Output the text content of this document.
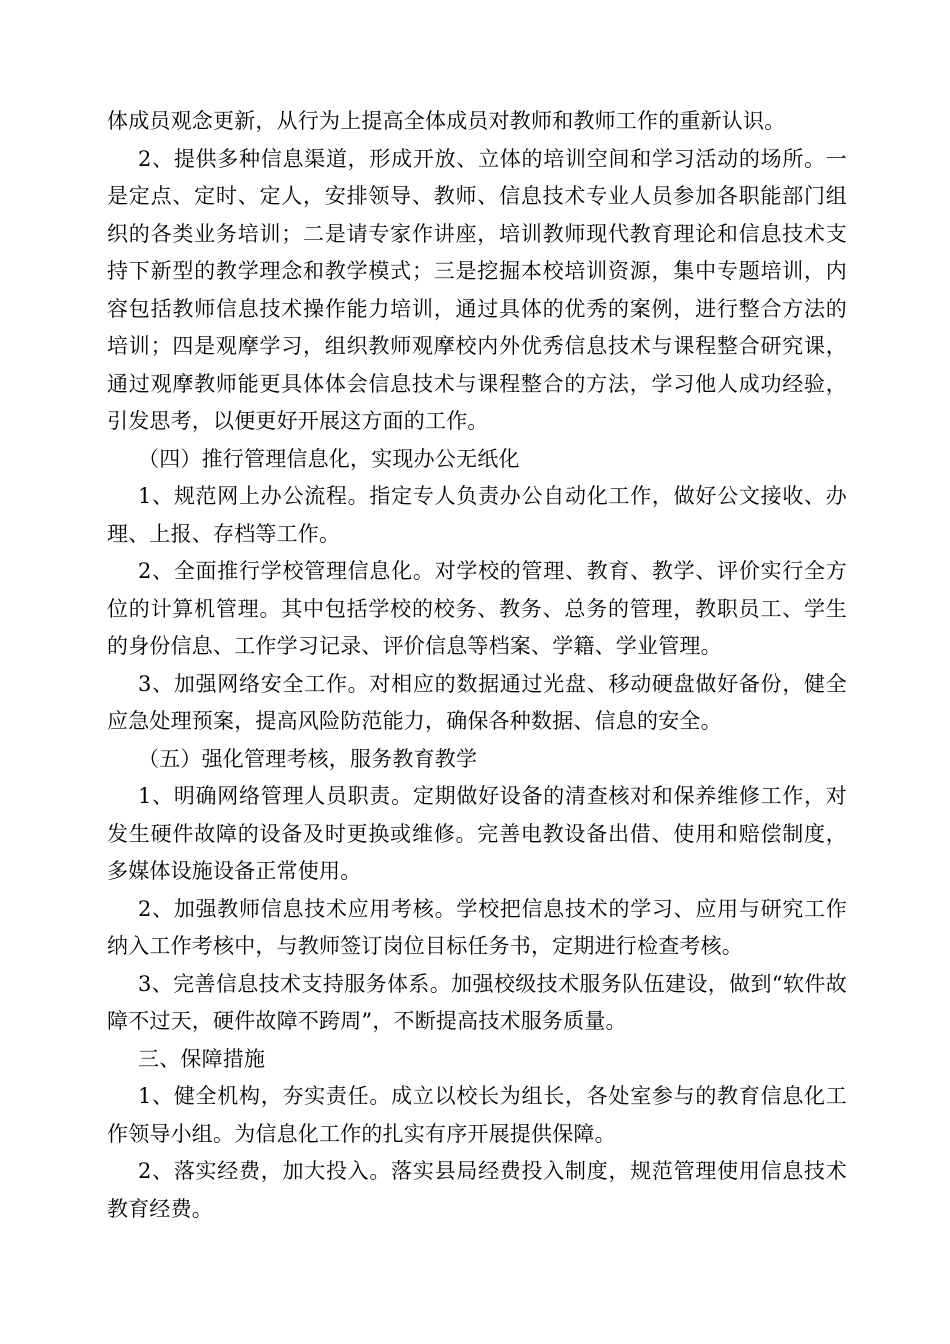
体成员观念更新，从行为上提高全体成员对教师和教师工作的重新认识。

2、提供多种信息渠道，形成开放、立体的培训空间和学习活动的场所。一是定点、定时、定人，安排领导、教师、信息技术专业人员参加各职能部门组织的各类业务培训；二是请专家作讲座，培训教师现代教育理论和信息技术支持下新型的教学理念和教学模式；三是挖掘本校培训资源，集中专题培训，内容包括教师信息技术操作能力培训，通过具体的优秀的案例，进行整合方法的培训；四是观摩学习，组织教师观摩校内外优秀信息技术与课程整合研究课，通过观摩教师能更具体体会信息技术与课程整合的方法，学习他人成功经验，引发思考，以便更好开展这方面的工作。

（四）推行管理信息化，实现办公无纸化

1、规范网上办公流程。指定专人负责办公自动化工作，做好公文接收、办理、上报、存档等工作。

2、全面推行学校管理信息化。对学校的管理、教育、教学、评价实行全方位的计算机管理。其中包括学校的校务、教务、总务的管理，教职员工、学生的身份信息、工作学习记录、评价信息等档案、学籍、学业管理。

3、加强网络安全工作。对相应的数据通过光盘、移动硬盘做好备份，健全应急处理预案，提高风险防范能力，确保各种数据、信息的安全。

（五）强化管理考核，服务教育教学

1、明确网络管理人员职责。定期做好设备的清查核对和保养维修工作，对发生硬件故障的设备及时更换或维修。完善电教设备出借、使用和赔偿制度，多媒体设施设备正常使用。

2、加强教师信息技术应用考核。学校把信息技术的学习、应用与研究工作纳入工作考核中，与教师签订岗位目标任务书，定期进行检查考核。

3、完善信息技术支持服务体系。加强校级技术服务队伍建设，做到“软件故障不过天，硬件故障不跨周”，不断提高技术服务质量。

三、保障措施

1、健全机构，夯实责任。成立以校长为组长，各处室参与的教育信息化工作领导小组。为信息化工作的扎实有序开展提供保障。

2、落实经费，加大投入。落实县局经费投入制度，规范管理使用信息技术教育经费。
